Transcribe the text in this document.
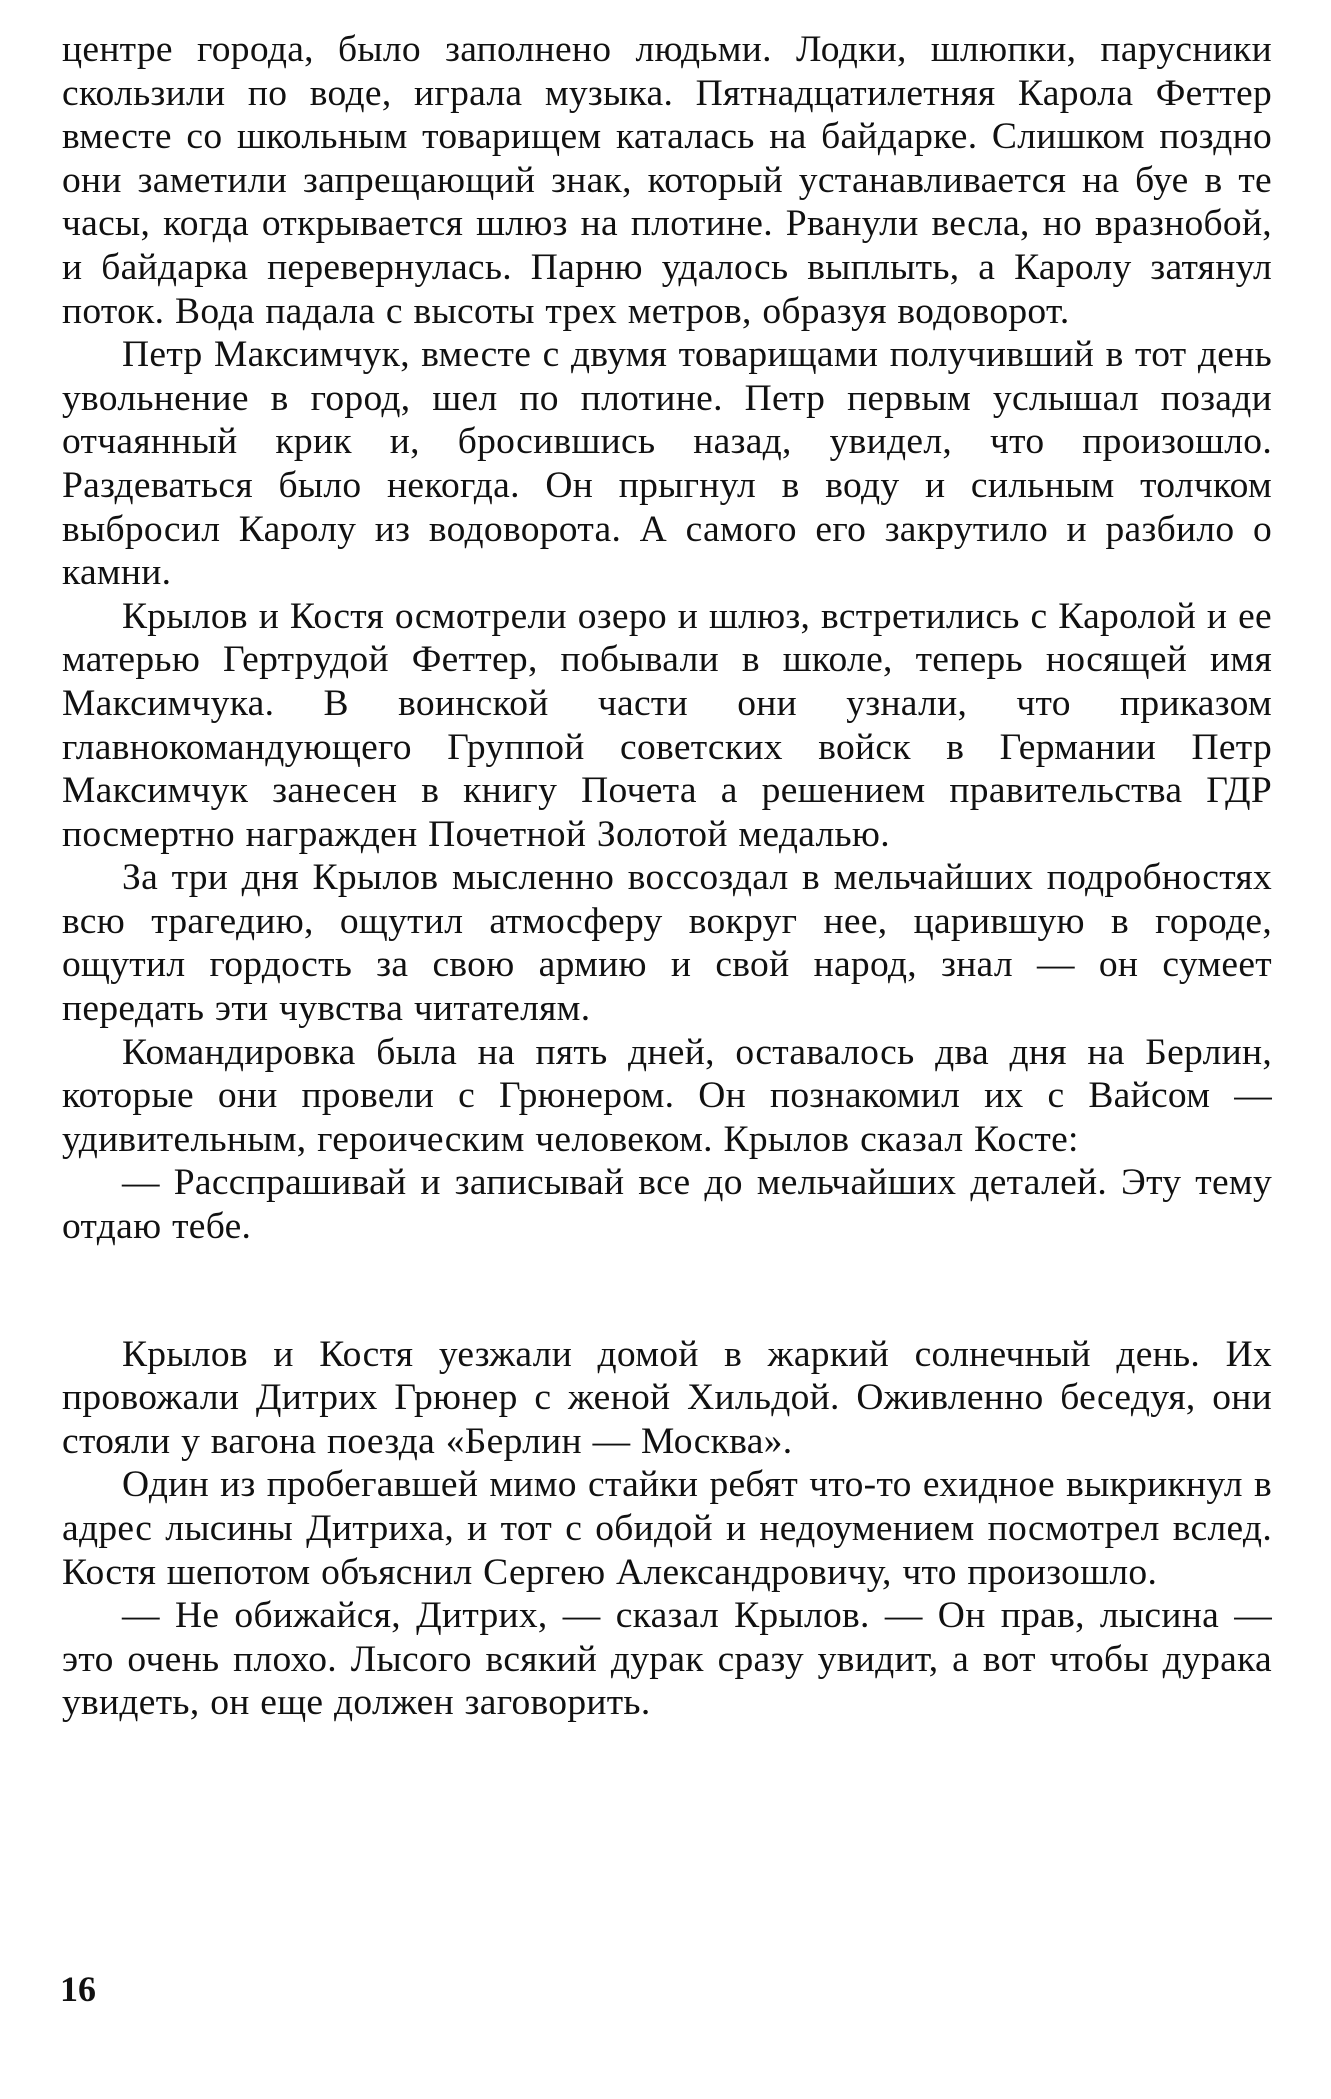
центре города, было заполнено людьми. Лодки, шлюпки, парусники скользили по воде, играла музыка. Пятнадцатилетняя Карола Феттер вместе со школьным товарищем каталась на байдарке. Слишком поздно они заметили запрещающий знак, который устанавливается на буе в те часы, когда открывается шлюз на плотине. Рванули весла, но вразнобой, и байдарка перевернулась. Парню удалось выплыть, а Каролу затянул поток. Вода падала с высоты трех метров, образуя водоворот.

Петр Максимчук, вместе с двумя товарищами получивший в тот день увольнение в город, шел по плотине. Петр первым услышал позади отчаянный крик и, бросившись назад, увидел, что произошло. Раздеваться было некогда. Он прыгнул в воду и сильным толчком выбросил Каролу из водоворота. А самого его закрутило и разбило о камни.

Крылов и Костя осмотрели озеро и шлюз, встретились с Каролой и ее матерью Гертрудой Феттер, побывали в школе, теперь носящей имя Максимчука. В воинской части они узнали, что приказом главнокомандующего Группой советских войск в Германии Петр Максимчук занесен в книгу Почета а решением правительства ГДР посмертно награжден Почетной Золотой медалью.

За три дня Крылов мысленно воссоздал в мельчайших подробностях всю трагедию, ощутил атмосферу вокруг нее, царившую в городе, ощутил гордость за свою армию и свой народ, знал — он сумеет передать эти чувства читателям.

Командировка была на пять дней, оставалось два дня на Берлин, которые они провели с Грюнером. Он познакомил их с Вайсом — удивительным, героическим человеком. Крылов сказал Косте:

— Расспрашивай и записывай все до мельчайших деталей. Эту тему отдаю тебе.

Крылов и Костя уезжали домой в жаркий солнечный день. Их провожали Дитрих Грюнер с женой Хильдой. Оживленно беседуя, они стояли у вагона поезда «Берлин — Москва».

Один из пробегавшей мимо стайки ребят что-то ехидное выкрикнул в адрес лысины Дитриха, и тот с обидой и недоумением посмотрел вслед. Костя шепотом объяснил Сергею Александровичу, что произошло.

— Не обижайся, Дитрих, — сказал Крылов. — Он прав, лысина — это очень плохо. Лысого всякий дурак сразу увидит, а вот чтобы дурака увидеть, он еще должен заговорить.

16
